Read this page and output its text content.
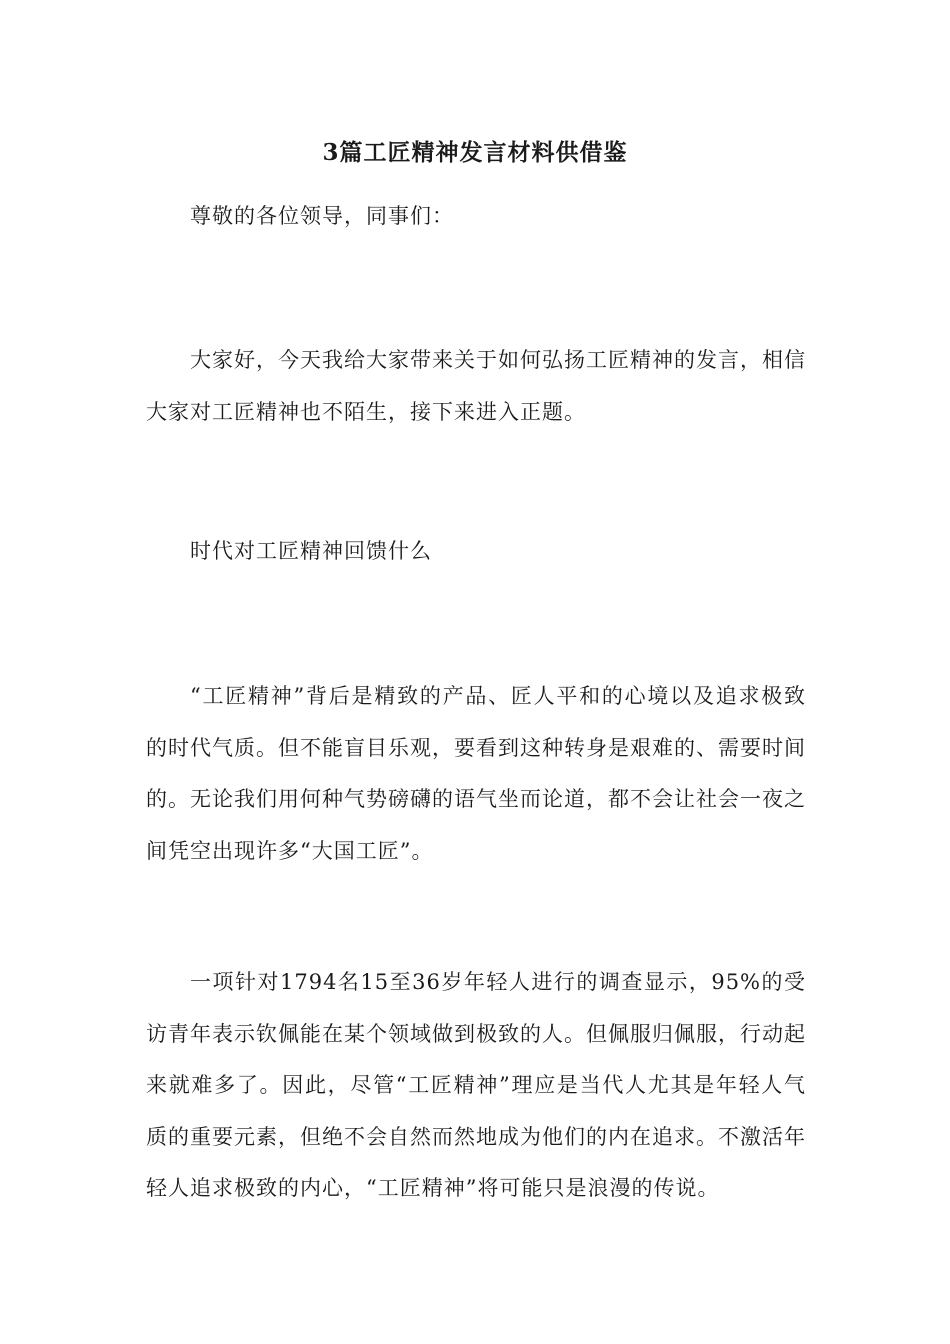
3篇工匠精神发言材料供借鉴

尊敬的各位领导，同事们：

大家好，今天我给大家带来关于如何弘扬工匠精神的发言，相信大家对工匠精神也不陌生，接下来进入正题。

时代对工匠精神回馈什么

“工匠精神”背后是精致的产品、匠人平和的心境以及追求极致的时代气质。但不能盲目乐观，要看到这种转身是艰难的、需要时间的。无论我们用何种气势磅礴的语气坐而论道，都不会让社会一夜之间凭空出现许多“大国工匠”。

一项针对1794名15至36岁年轻人进行的调查显示，95%的受访青年表示钦佩能在某个领域做到极致的人。但佩服归佩服，行动起来就难多了。因此，尽管“工匠精神”理应是当代人尤其是年轻人气质的重要元素，但绝不会自然而然地成为他们的内在追求。不激活年轻人追求极致的内心，“工匠精神”将可能只是浪漫的传说。
